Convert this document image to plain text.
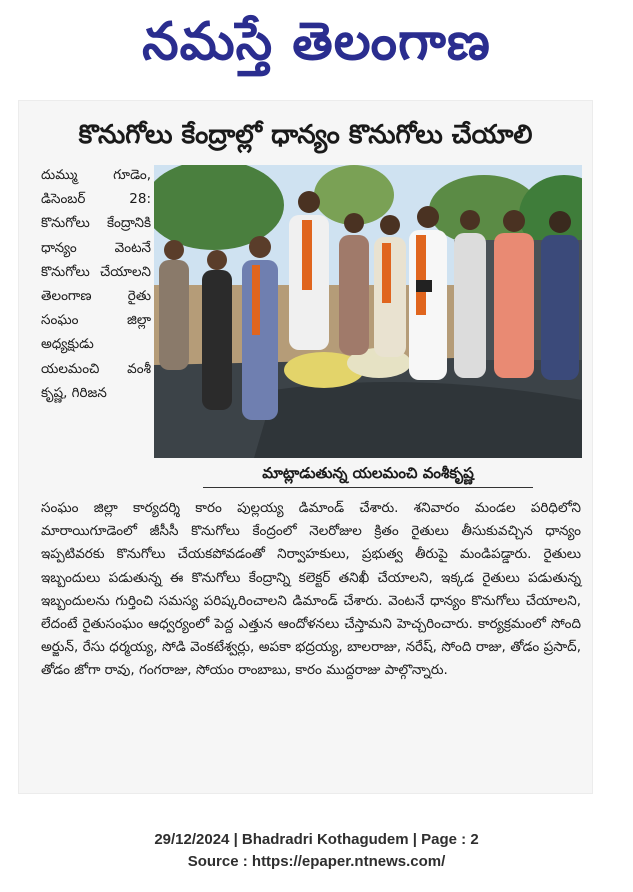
నమస్తే తెలంగాణ
కొనుగోలు కేంద్రాల్లో ధాన్యం కొనుగోలు చేయాలి
దుమ్ము గూడెం, డిసెంబర్ 28: కొనుగోలు కేంద్రానికి ధాన్యం వెంటనే కొనుగోలు చేయాలని తెలంగాణ రైతు సంఘం జిల్లా అధ్యక్షుడు యలమంచి వంశీ కృష్ణ, గిరిజన
మాట్లాడుతున్న యలమంచి వంశీకృష్ణ
సంఘం జిల్లా కార్యదర్శి కారం పుల్లయ్య డిమాండ్ చేశారు. శనివారం మండల పరిధిలోని మారాయిగూడెంలో జీసీసీ కొనుగోలు కేంద్రంలో నెలరోజుల క్రితం రైతులు తీసుకువచ్చిన ధాన్యం ఇప్పటివరకు కొనుగోలు చేయకపోవడంతో నిర్వాహకులు, ప్రభుత్వ తీరుపై మండిపడ్డారు. రైతులు ఇబ్బందులు పడుతున్న ఈ కొనుగోలు కేంద్రాన్ని కలెక్టర్ తనిఖీ చేయాలని, ఇక్కడ రైతులు పడుతున్న ఇబ్బందులను గుర్తించి సమస్య పరిష్కరించాలని డిమాండ్ చేశారు. వెంటనే ధాన్యం కొనుగోలు చేయాలని, లేదంటే రైతుసంఘం ఆధ్వర్యంలో పెద్ద ఎత్తున ఆందోళనలు చేస్తామని హెచ్చరించారు. కార్యక్రమంలో సోంది అర్జున్, రేసు ధర్మయ్య, సోడి వెంకటేశ్వర్లు, అపకా భద్రయ్య, బాలరాజు, నరేష్, సోంది రాజు, తోడం ప్రసాద్, తోడం జోగా రావు, గంగరాజు, సోయం రాంబాబు, కారం ముద్దరాజు పాల్గొన్నారు.
29/12/2024 | Bhadradri Kothagudem | Page : 2
Source : https://epaper.ntnews.com/
